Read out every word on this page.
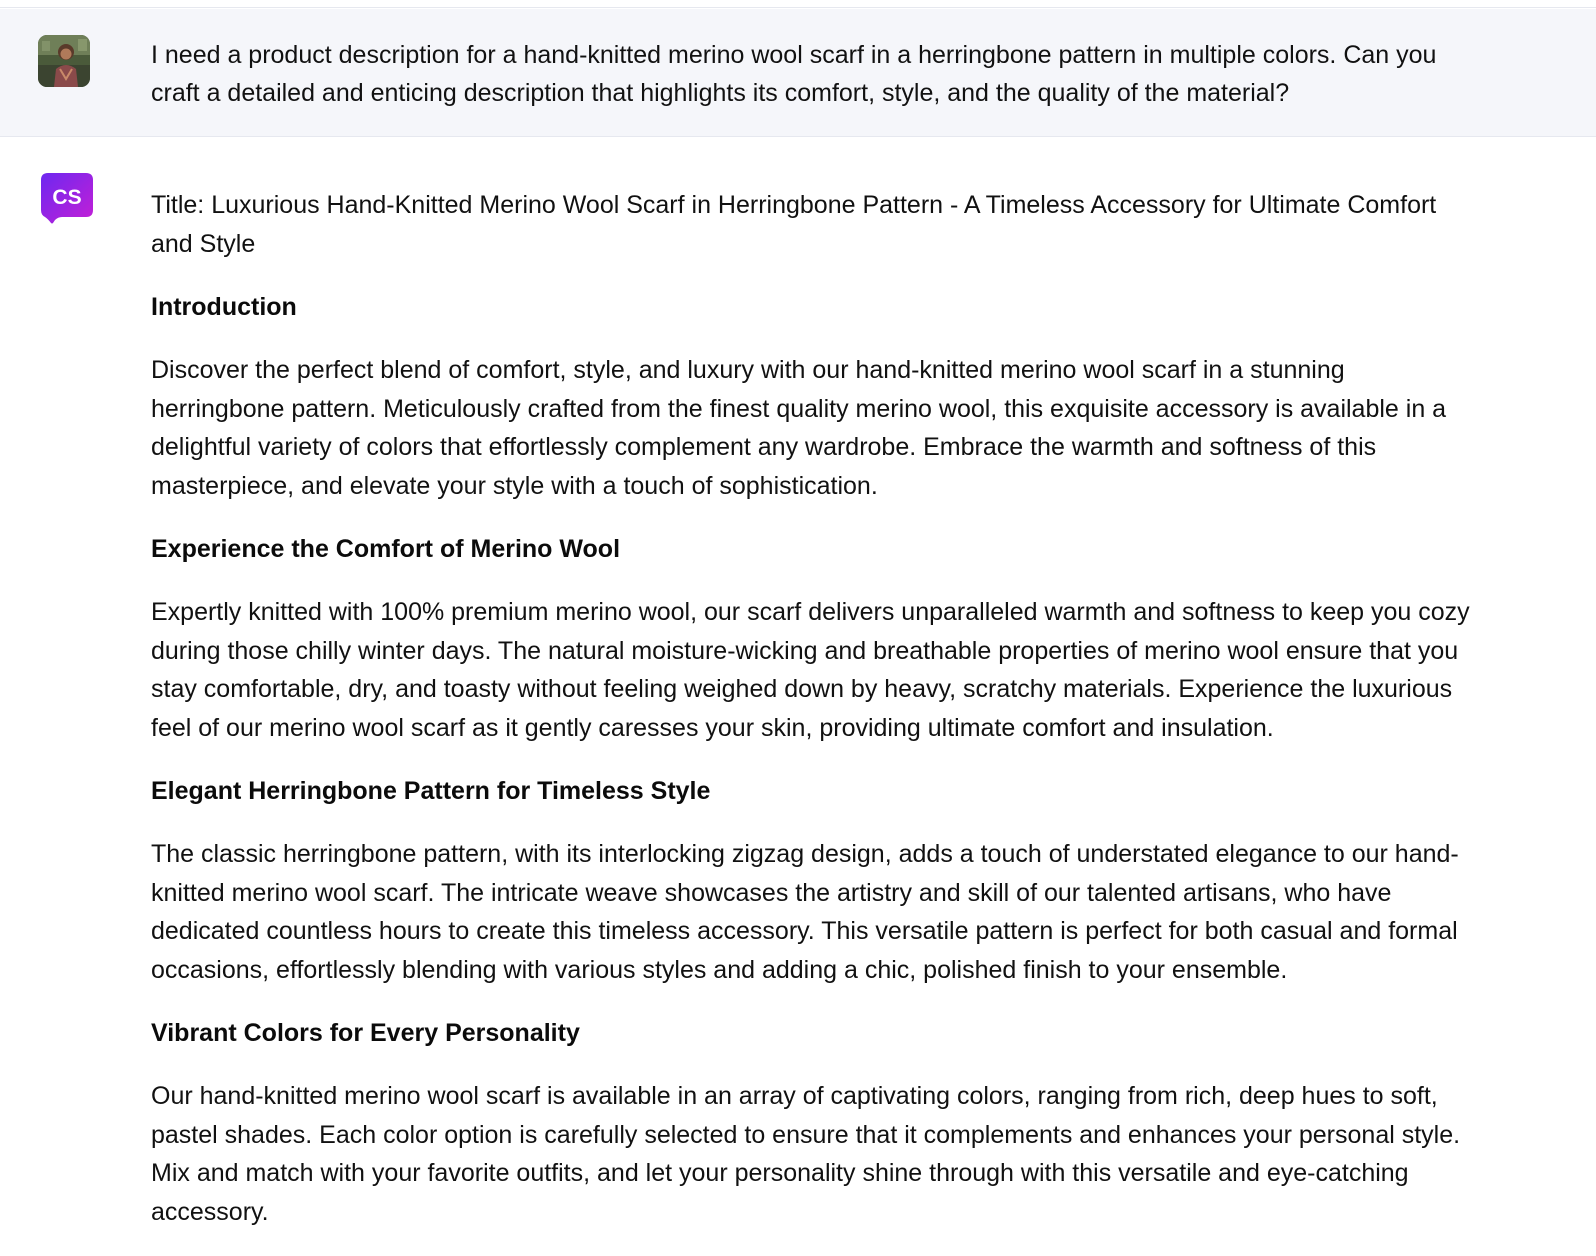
I need a product description for a hand-knitted merino wool scarf in a herringbone pattern in multiple colors. Can you craft a detailed and enticing description that highlights its comfort, style, and the quality of the material?

CS	Title: Luxurious Hand-Knitted Merino Wool Scarf in Herringbone Pattern - A Timeless Accessory for Ultimate Comfort and Style

Introduction

Discover the perfect blend of comfort, style, and luxury with our hand-knitted merino wool scarf in a stunning herringbone pattern. Meticulously crafted from the finest quality merino wool, this exquisite accessory is available in a delightful variety of colors that effortlessly complement any wardrobe. Embrace the warmth and softness of this masterpiece, and elevate your style with a touch of sophistication.

Experience the Comfort of Merino Wool

Expertly knitted with 100% premium merino wool, our scarf delivers unparalleled warmth and softness to keep you cozy during those chilly winter days. The natural moisture-wicking and breathable properties of merino wool ensure that you stay comfortable, dry, and toasty without feeling weighed down by heavy, scratchy materials. Experience the luxurious feel of our merino wool scarf as it gently caresses your skin, providing ultimate comfort and insulation.

Elegant Herringbone Pattern for Timeless Style

The classic herringbone pattern, with its interlocking zigzag design, adds a touch of understated elegance to our hand-knitted merino wool scarf. The intricate weave showcases the artistry and skill of our talented artisans, who have dedicated countless hours to create this timeless accessory. This versatile pattern is perfect for both casual and formal occasions, effortlessly blending with various styles and adding a chic, polished finish to your ensemble.

Vibrant Colors for Every Personality

Our hand-knitted merino wool scarf is available in an array of captivating colors, ranging from rich, deep hues to soft, pastel shades. Each color option is carefully selected to ensure that it complements and enhances your personal style. Mix and match with your favorite outfits, and let your personality shine through with this versatile and eye-catching accessory.
